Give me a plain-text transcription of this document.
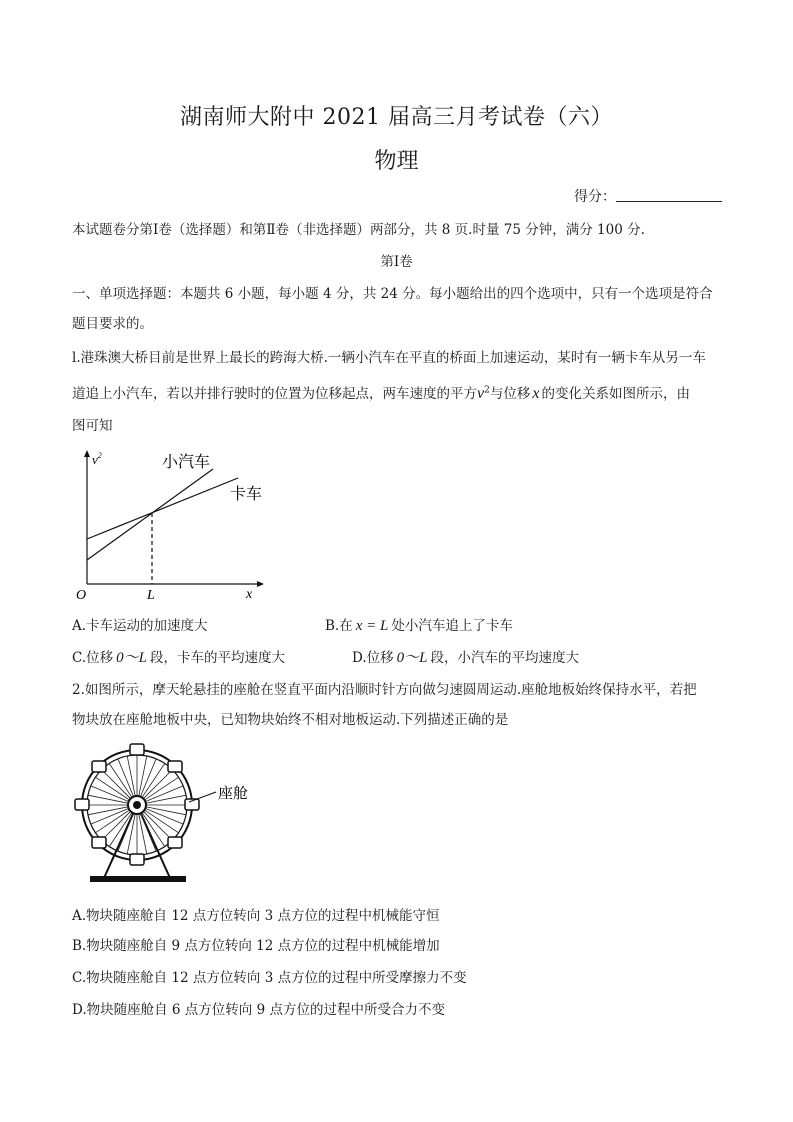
湖南师大附中 2021 届高三月考试卷（六）
物理
得分：
本试题卷分第Ⅰ卷（选择题）和第Ⅱ卷（非选择题）两部分，共 8 页.时量 75 分钟，满分 100 分.
第Ⅰ卷
一、单项选择题：本题共 6 小题，每小题 4 分，共 24 分。每小题给出的四个选项中，只有一个选项是符合
题目要求的。
l.港珠澳大桥目前是世界上最长的跨海大桥.一辆小汽车在平直的桥面上加速运动，某时有一辆卡车从另一车
道追上小汽车，若以并排行驶时的位置为位移起点，两车速度的平方$v^2$与位移 x 的变化关系如图所示，由
图可知
$v^2$	小汽车
卡车
O	L	x
A.卡车运动的加速度大	B.在 x = L 处小汽车追上了卡车
C.位移 0～L 段，卡车的平均速度大	D.位移 0～L 段，小汽车的平均速度大
2.如图所示，摩天轮悬挂的座舱在竖直平面内沿顺时针方向做匀速圆周运动.座舱地板始终保持水平，若把
物块放在座舱地板中央，已知物块始终不相对地板运动.下列描述正确的是
座舱
A.物块随座舱自 12 点方位转向 3 点方位的过程中机械能守恒
B.物块随座舱自 9 点方位转向 12 点方位的过程中机械能增加
C.物块随座舱自 12 点方位转向 3 点方位的过程中所受摩擦力不变
D.物块随座舱自 6 点方位转向 9 点方位的过程中所受合力不变
